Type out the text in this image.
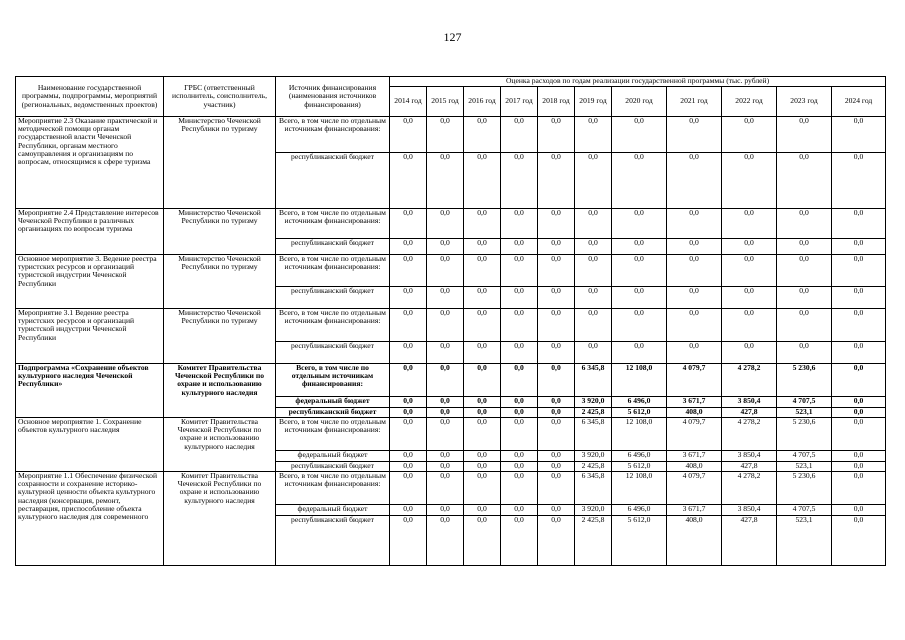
127
Наименование государственной программы, подпрограммы, мероприятий (региональных, ведомственных проектов)	ГРБС (ответственный исполнитель, соисполнитель, участник)	Источник финансирования (наименования источников финансирования)	Оценка расходов по годам реализации государственной программы (тыс. рублей)										
			2014 год	2015 год	2016 год	2017 год	2018 год	2019 год	2020 год	2021 год	2022 год	2023 год	2024 год
Мероприятие 2.3 Оказание практической и методической помощи органам государственной власти Чеченской Республики, органам местного самоуправления и организациям по вопросам, относящимся к сфере туризма	Министерство Чеченской Республики по туризму	Всего, в том числе по отдельным источникам финансирования:	0,0	0,0	0,0	0,0	0,0	0,0	0,0	0,0	0,0	0,0	0,0
		республиканский бюджет	0,0	0,0	0,0	0,0	0,0	0,0	0,0	0,0	0,0	0,0	0,0
Мероприятие 2.4 Представление интересов Чеченской Республики в различных организациях по вопросам туризма	Министерство Чеченской Республики по туризму	Всего, в том числе по отдельным источникам финансирования:	0,0	0,0	0,0	0,0	0,0	0,0	0,0	0,0	0,0	0,0	0,0
		республиканский бюджет	0,0	0,0	0,0	0,0	0,0	0,0	0,0	0,0	0,0	0,0	0,0
Основное мероприятие 3. Ведение реестра туристских ресурсов и организаций туристской индустрии Чеченской Республики	Министерство Чеченской Республики по туризму	Всего, в том числе по отдельным источникам финансирования:	0,0	0,0	0,0	0,0	0,0	0,0	0,0	0,0	0,0	0,0	0,0
		республиканский бюджет	0,0	0,0	0,0	0,0	0,0	0,0	0,0	0,0	0,0	0,0	0,0
Мероприятие 3.1 Ведение реестра туристских ресурсов и организаций туристской индустрии Чеченской Республики	Министерство Чеченской Республики по туризму	Всего, в том числе по отдельным источникам финансирования:	0,0	0,0	0,0	0,0	0,0	0,0	0,0	0,0	0,0	0,0	0,0
		республиканский бюджет	0,0	0,0	0,0	0,0	0,0	0,0	0,0	0,0	0,0	0,0	0,0
Подпрограмма «Сохранение объектов культурного наследия Чеченской Республики»	Комитет Правительства Чеченской Республики по охране и использованию культурного наследия	Всего, в том числе по отдельным источникам финансирования:	0,0	0,0	0,0	0,0	0,0	6 345,8	12 108,0	4 079,7	4 278,2	5 230,6	0,0
		федеральный бюджет	0,0	0,0	0,0	0,0	0,0	3 920,0	6 496,0	3 671,7	3 850,4	4 707,5	0,0
		республиканский бюджет	0,0	0,0	0,0	0,0	0,0	2 425,8	5 612,0	408,0	427,8	523,1	0,0
Основное мероприятие 1. Сохранение объектов культурного наследия	Комитет Правительства Чеченской Республики по охране и использованию культурного наследия	Всего, в том числе по отдельным источникам финансирования:	0,0	0,0	0,0	0,0	0,0	6 345,8	12 108,0	4 079,7	4 278,2	5 230,6	0,0
		федеральный бюджет	0,0	0,0	0,0	0,0	0,0	3 920,0	6 496,0	3 671,7	3 850,4	4 707,5	0,0
		республиканский бюджет	0,0	0,0	0,0	0,0	0,0	2 425,8	5 612,0	408,0	427,8	523,1	0,0
Мероприятие 1.1 Обеспечение физической сохранности и сохранение историко-культурной ценности объекта культурного наследия (консервация, ремонт, реставрация, приспособление объекта культурного наследия для современного	Комитет Правительства Чеченской Республики по охране и использованию культурного наследия	Всего, в том числе по отдельным источникам финансирования:	0,0	0,0	0,0	0,0	0,0	6 345,8	12 108,0	4 079,7	4 278,2	5 230,6	0,0
		федеральный бюджет	0,0	0,0	0,0	0,0	0,0	3 920,0	6 496,0	3 671,7	3 850,4	4 707,5	0,0
		республиканский бюджет	0,0	0,0	0,0	0,0	0,0	2 425,8	5 612,0	408,0	427,8	523,1	0,0
